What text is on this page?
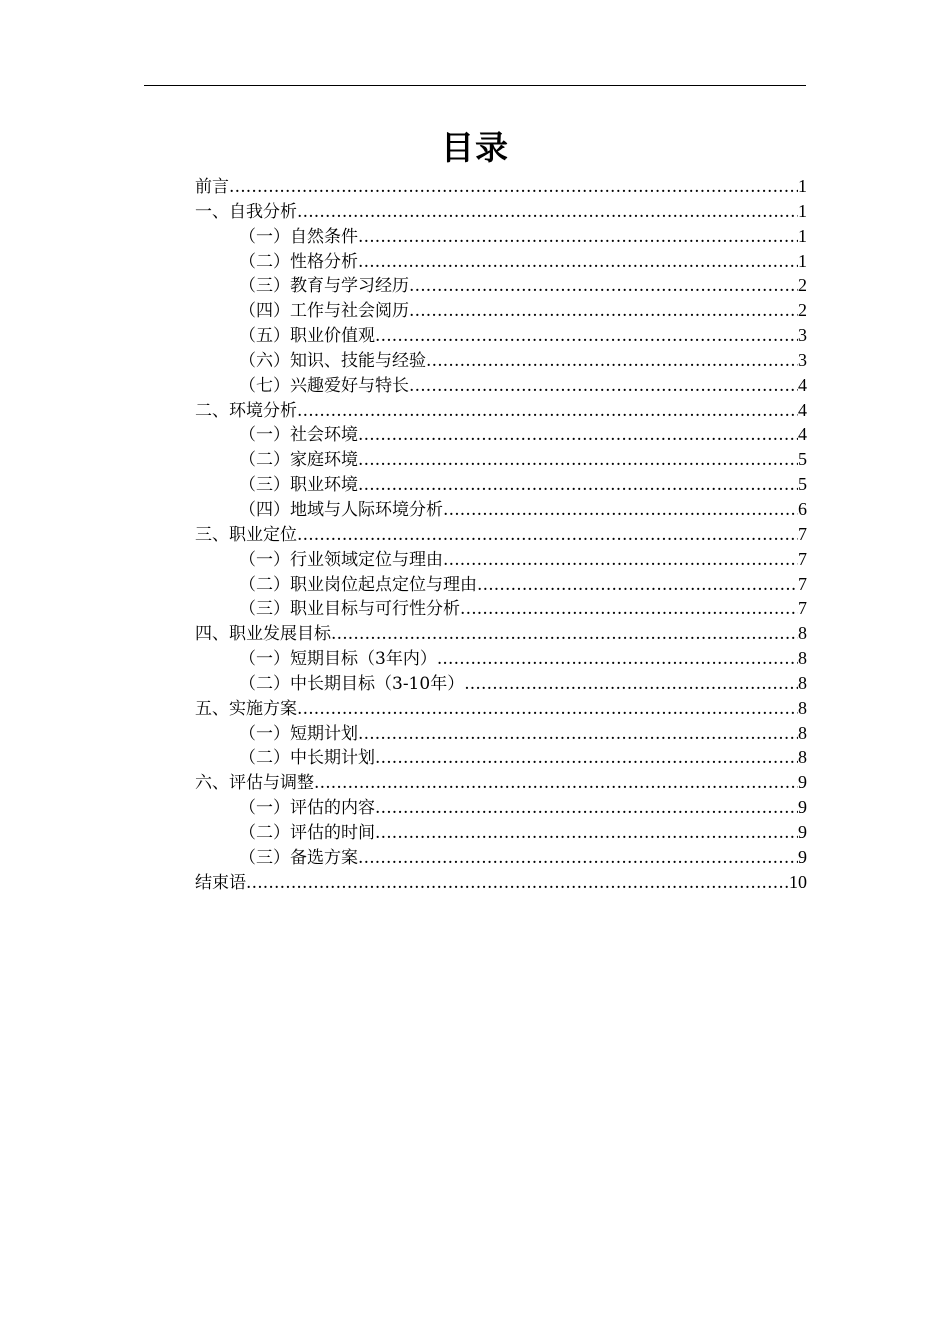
目录
前言 .....	1
一、自我分析 .....	1
（一）自然条件 .....	1
（二）性格分析 .....	1
（三）教育与学习经历 .....	2
（四）工作与社会阅历 .....	2
（五）职业价值观 .....	3
（六）知识、技能与经验 .....	3
（七）兴趣爱好与特长 .....	4
二、环境分析 .....	4
（一）社会环境 .....	4
（二）家庭环境 .....	5
（三）职业环境 .....	5
（四）地域与人际环境分析 .....	6
三、职业定位 .....	7
（一）行业领域定位与理由 .....	7
（二）职业岗位起点定位与理由 .....	7
（三）职业目标与可行性分析 .....	7
四、职业发展目标 .....	8
（一）短期目标（3年内） .....	8
（二）中长期目标（3-10年） .....	8
五、实施方案 .....	8
（一）短期计划 .....	8
（二）中长期计划 .....	8
六、评估与调整 .....	9
（一）评估的内容 .....	9
（二）评估的时间 .....	9
（三）备选方案 .....	9
结束语 .....	10
